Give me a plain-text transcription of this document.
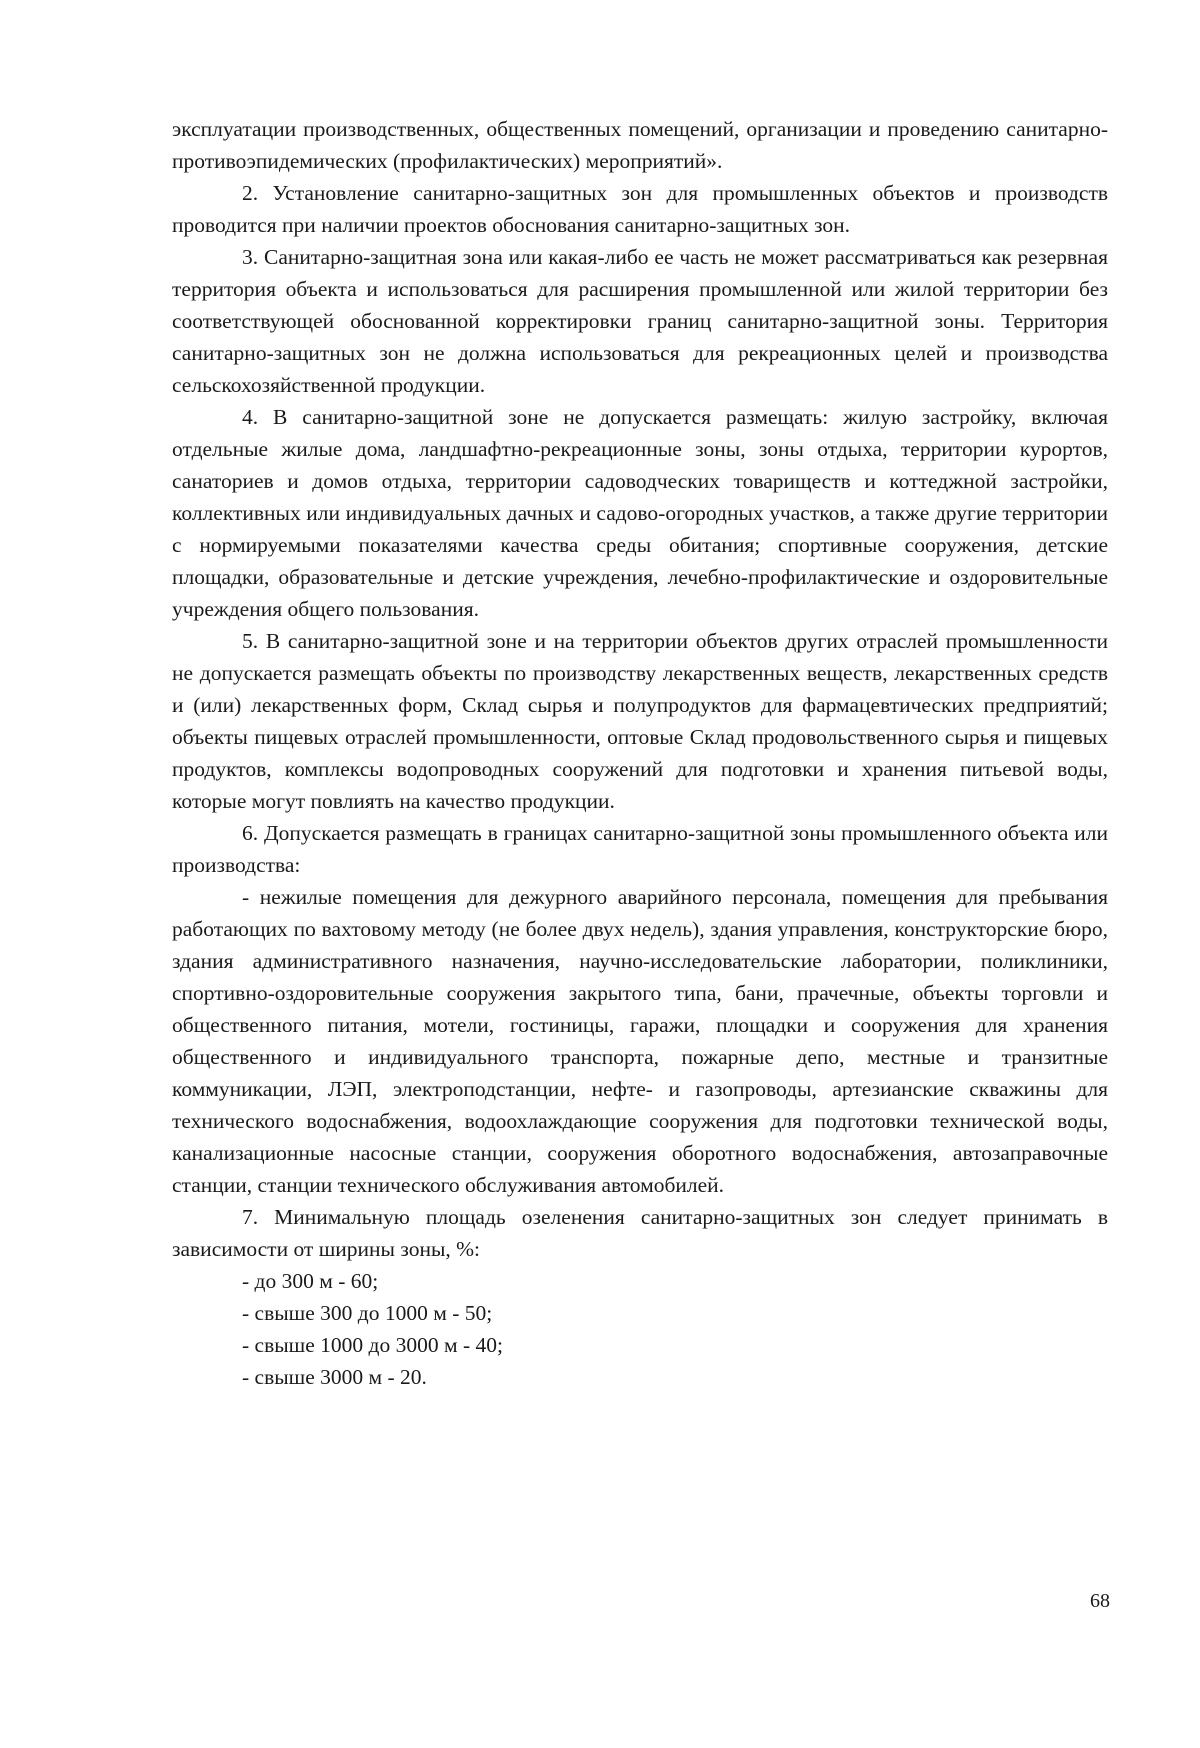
эксплуатации производственных, общественных помещений, организации и проведению санитарно-противоэпидемических (профилактических) мероприятий».

2. Установление санитарно-защитных зон для промышленных объектов и производств проводится при наличии проектов обоснования санитарно-защитных зон.

3. Санитарно-защитная зона или какая-либо ее часть не может рассматриваться как резервная территория объекта и использоваться для расширения промышленной или жилой территории без соответствующей обоснованной корректировки границ санитарно-защитной зоны. Территория санитарно-защитных зон не должна использоваться для рекреационных целей и производства сельскохозяйственной продукции.

4. В санитарно-защитной зоне не допускается размещать: жилую застройку, включая отдельные жилые дома, ландшафтно-рекреационные зоны, зоны отдыха, территории курортов, санаториев и домов отдыха, территории садоводческих товариществ и коттеджной застройки, коллективных или индивидуальных дачных и садово-огородных участков, а также другие территории с нормируемыми показателями качества среды обитания; спортивные сооружения, детские площадки, образовательные и детские учреждения, лечебно-профилактические и оздоровительные учреждения общего пользования.

5. В санитарно-защитной зоне и на территории объектов других отраслей промышленности не допускается размещать объекты по производству лекарственных веществ, лекарственных средств и (или) лекарственных форм, Склад сырья и полупродуктов для фармацевтических предприятий; объекты пищевых отраслей промышленности, оптовые Склад продовольственного сырья и пищевых продуктов, комплексы водопроводных сооружений для подготовки и хранения питьевой воды, которые могут повлиять на качество продукции.

6. Допускается размещать в границах санитарно-защитной зоны промышленного объекта или производства:

- нежилые помещения для дежурного аварийного персонала, помещения для пребывания работающих по вахтовому методу (не более двух недель), здания управления, конструкторские бюро, здания административного назначения, научно-исследовательские лаборатории, поликлиники, спортивно-оздоровительные сооружения закрытого типа, бани, прачечные, объекты торговли и общественного питания, мотели, гостиницы, гаражи, площадки и сооружения для хранения общественного и индивидуального транспорта, пожарные депо, местные и транзитные коммуникации, ЛЭП, электроподстанции, нефте- и газопроводы, артезианские скважины для технического водоснабжения, водоохлаждающие сооружения для подготовки технической воды, канализационные насосные станции, сооружения оборотного водоснабжения, автозаправочные станции, станции технического обслуживания автомобилей.

7. Минимальную площадь озеленения санитарно-защитных зон следует принимать в зависимости от ширины зоны, %:

- до 300 м - 60;
- свыше 300 до 1000 м - 50;
- свыше 1000 до 3000 м - 40;
- свыше 3000 м - 20.
68
